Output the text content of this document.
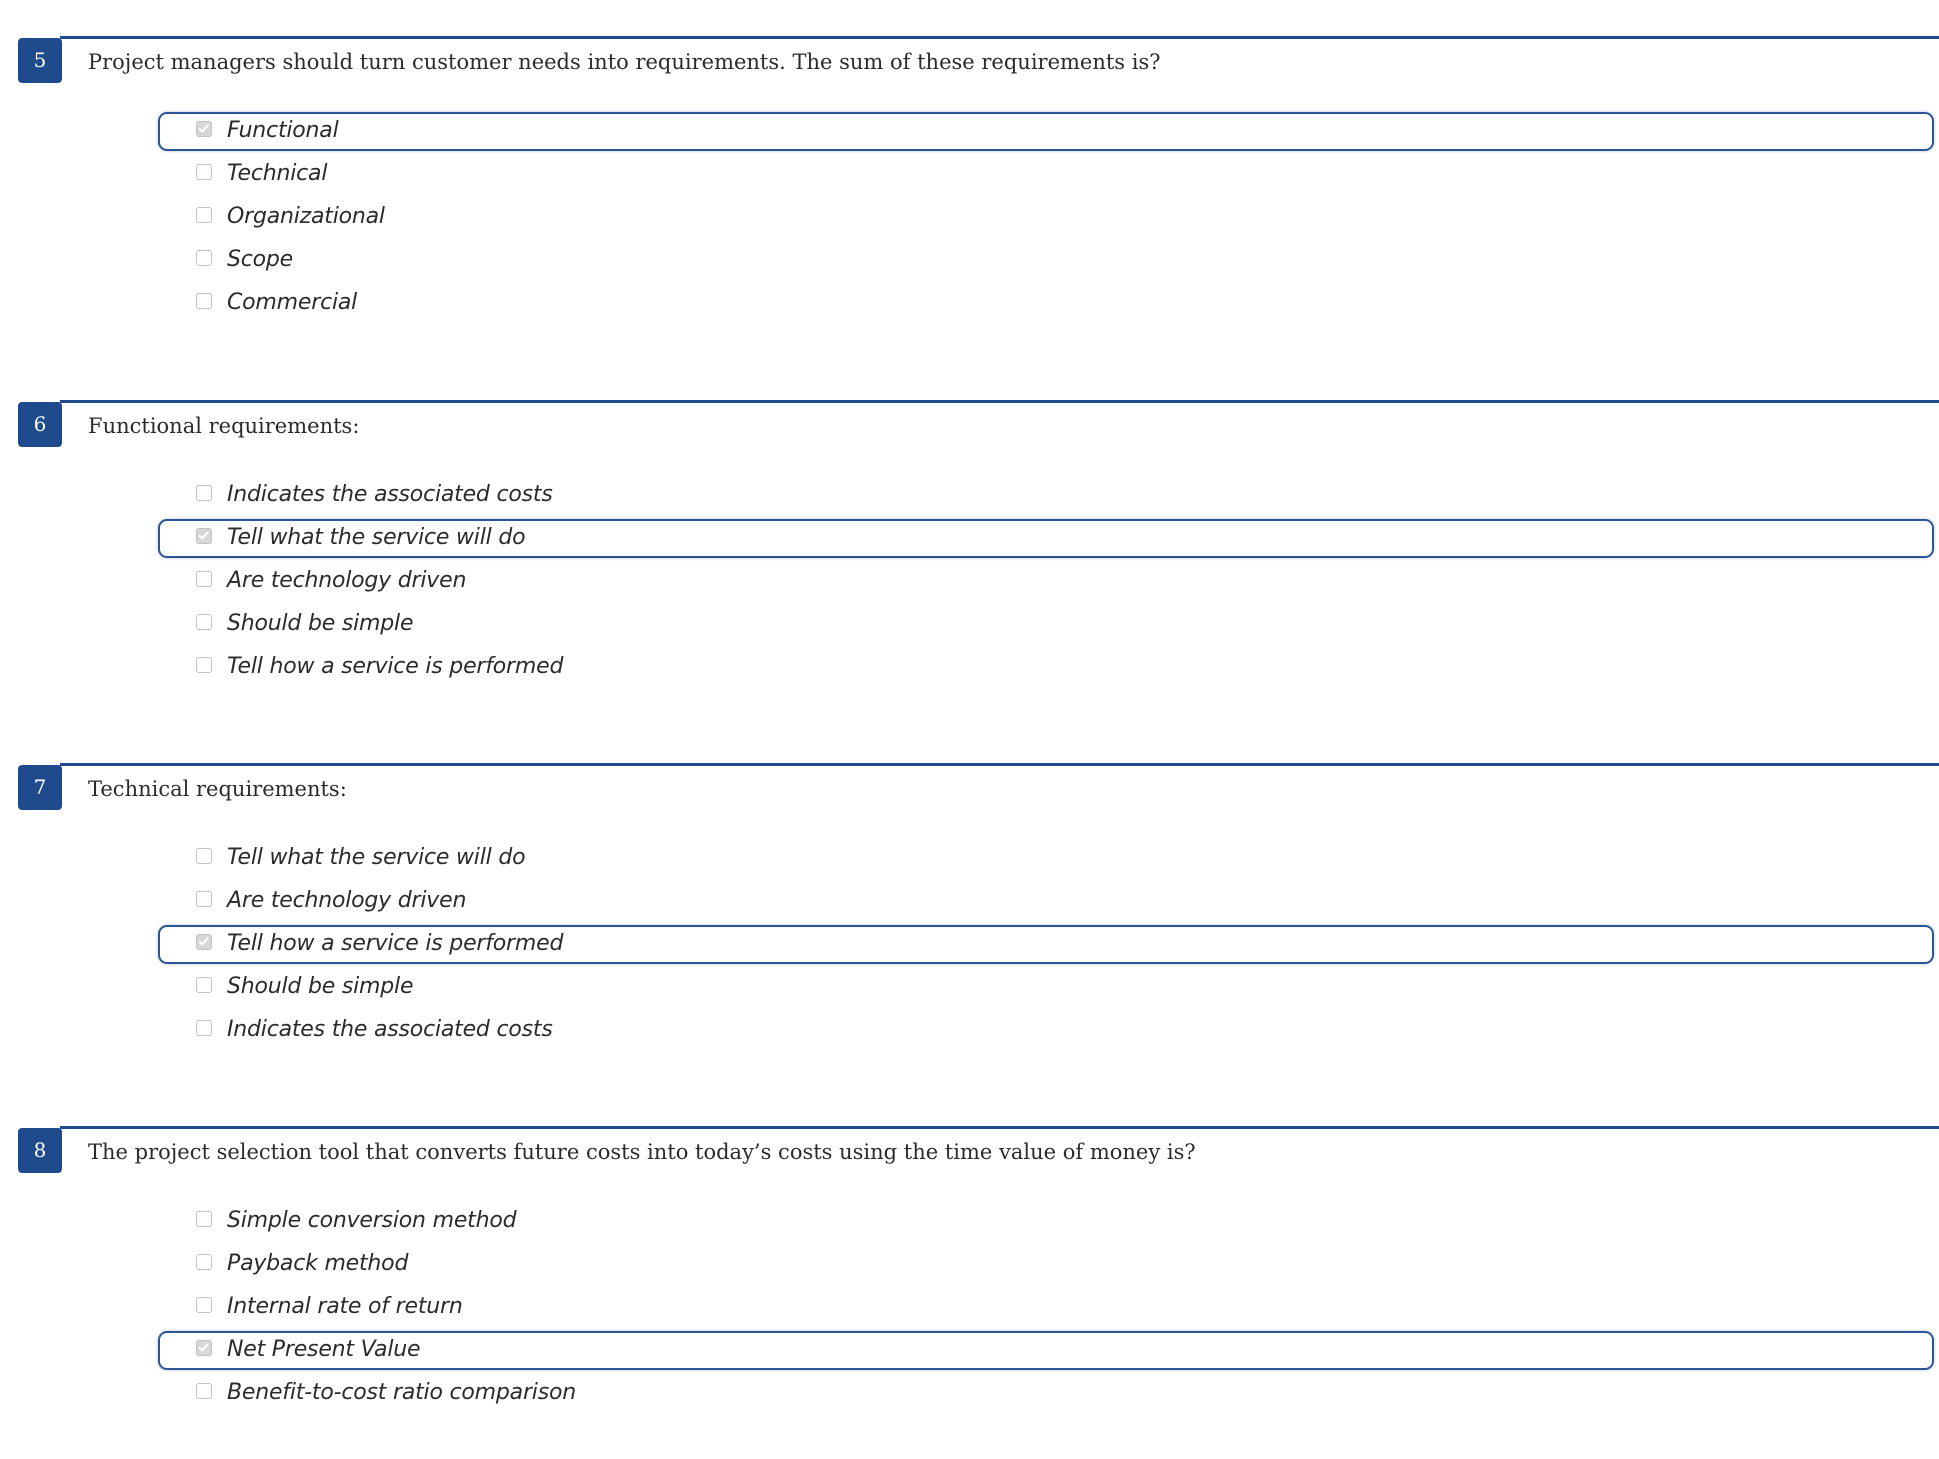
5	Project managers should turn customer needs into requirements. The sum of these requirements is?
Functional
Technical
Organizational
Scope
Commercial
6	Functional requirements:
Indicates the associated costs
Tell what the service will do
Are technology driven
Should be simple
Tell how a service is performed
7	Technical requirements:
Tell what the service will do
Are technology driven
Tell how a service is performed
Should be simple
Indicates the associated costs
8	The project selection tool that converts future costs into today’s costs using the time value of money is?
Simple conversion method
Payback method
Internal rate of return
Net Present Value
Benefit-to-cost ratio comparison
